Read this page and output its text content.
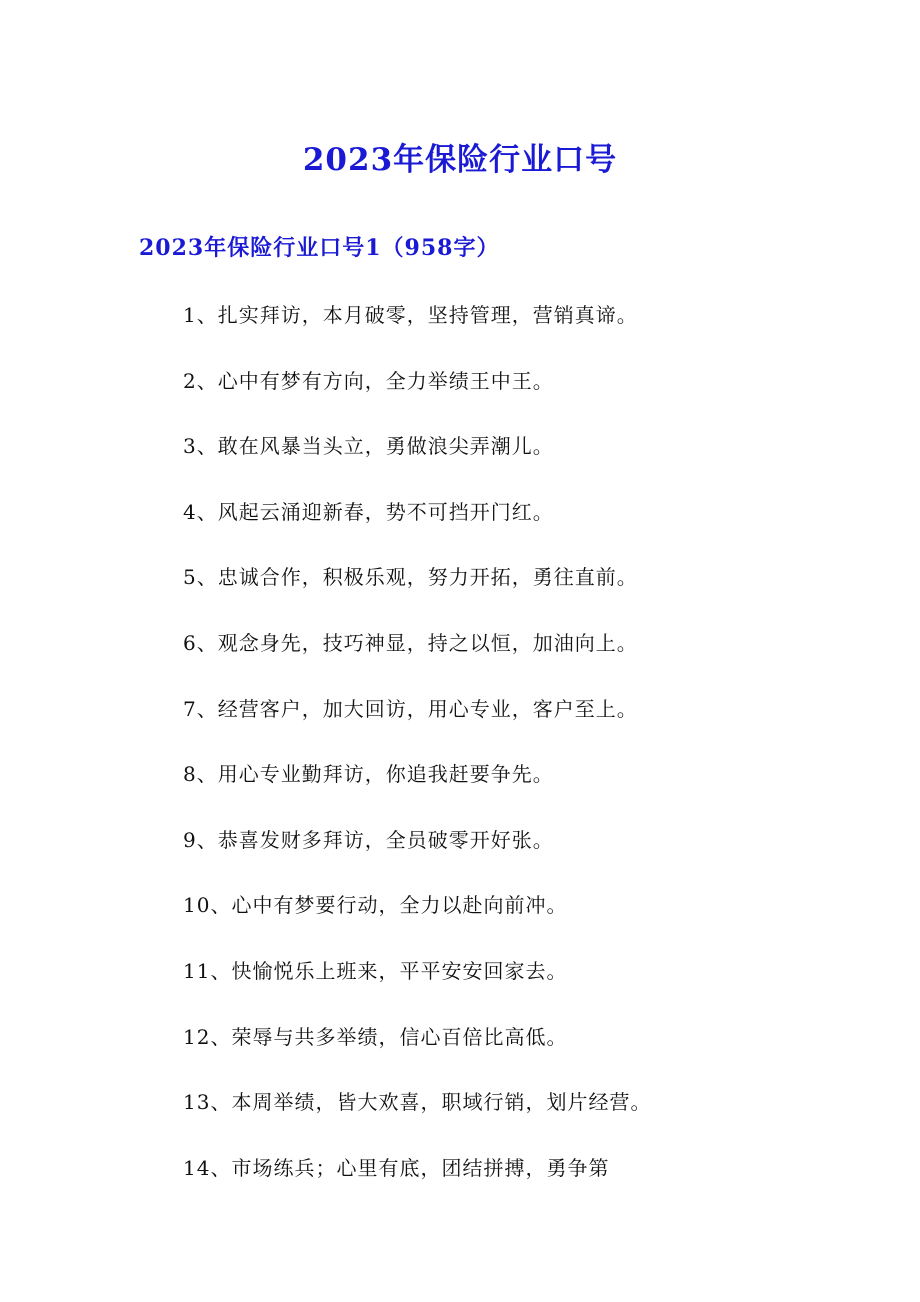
2023年保险行业口号
2023年保险行业口号1（958字）
1、扎实拜访，本月破零，坚持管理，营销真谛。
2、心中有梦有方向，全力举绩王中王。
3、敢在风暴当头立，勇做浪尖弄潮儿。
4、风起云涌迎新春，势不可挡开门红。
5、忠诚合作，积极乐观，努力开拓，勇往直前。
6、观念身先，技巧神显，持之以恒，加油向上。
7、经营客户，加大回访，用心专业，客户至上。
8、用心专业勤拜访，你追我赶要争先。
9、恭喜发财多拜访，全员破零开好张。
10、心中有梦要行动，全力以赴向前冲。
11、快愉悦乐上班来，平平安安回家去。
12、荣辱与共多举绩，信心百倍比高低。
13、本周举绩，皆大欢喜，职域行销，划片经营。
14、市场练兵；心里有底，团结拼搏，勇争第
